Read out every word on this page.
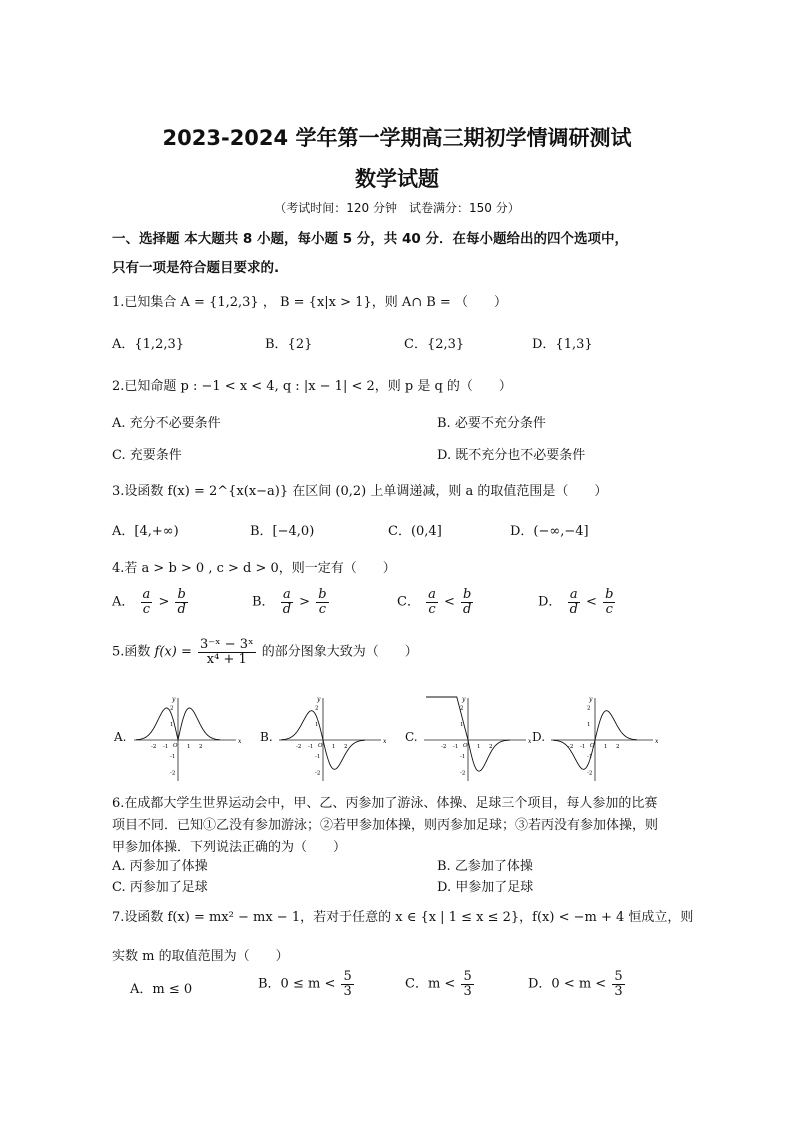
2023-2024 学年第一学期高三期初学情调研测试
数学试题
（考试时间：120 分钟　试卷满分：150 分）
一、选择题 本大题共 8 小题，每小题 5 分，共 40 分．在每小题给出的四个选项中，
只有一项是符合题目要求的.
1.已知集合 A = {1,2,3} ， B = {x|x > 1}，则 A∩ B = （　　）
A．{1,2,3}	B．{2}	C．{2,3}	D．{1,3}
2.已知命题 p : −1 < x < 4, q : |x − 1| < 2，则 p 是 q 的（　　）
A. 充分不必要条件	B. 必要不充分条件
C. 充要条件	D. 既不充分也不必要条件
3.设函数 f(x) = 2^{x(x−a)} 在区间 (0,2) 上单调递减，则 a 的取值范围是（　　）
A．[4,+∞)	B．[−4,0)	C．(0,4]	D．(−∞,−4]
4.若 a > b > 0 , c > d > 0，则一定有（　　）
A． $\frac{a}{c} > \frac{b}{d}$	B． $\frac{a}{d} > \frac{b}{c}$	C． $\frac{a}{c} < \frac{b}{d}$	D． $\frac{a}{d} < \frac{b}{c}$
5.函数 $f(x) = \frac{\text{3⁻ˣ − 3ˣ}}{\text{x⁴ + 1}}$ 的部分图象大致为（　　）
A.	B.	C.	D.
x
y
O
-2 -1	1 2
2
1
-1
-2
x
y
O
-2 -1	1 2
2
1
-1
-2
x
y
O
-2 -1	1 2
2
1
-1
-2
x
y
O
-2 -1	1 2
2
1
-1
-2
6.在成都大学生世界运动会中，甲、乙、丙参加了游泳、体操、足球三个项目，每人参加的比赛
项目不同．已知①乙没有参加游泳；②若甲参加体操，则丙参加足球；③若丙没有参加体操，则
甲参加体操．下列说法正确的为（　　）
A. 丙参加了体操	B. 乙参加了体操
C. 丙参加了足球	D. 甲参加了足球
7.设函数 f(x) = mx² − mx − 1，若对于任意的 x ∈ {x | 1 ≤ x ≤ 2}，f(x) < −m + 4 恒成立，则
实数 m 的取值范围为（　　）
A．m ≤ 0	B．$0 \le m < \frac{5}{3}$	C．$m < \frac{5}{3}$	D．$0 < m < \frac{5}{3}$
